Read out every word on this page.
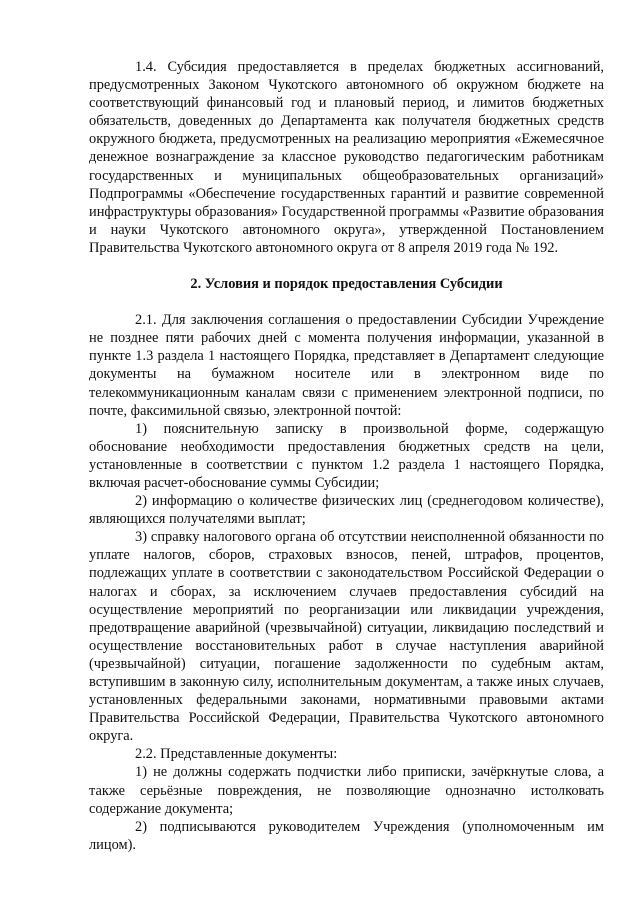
1.4. Субсидия предоставляется в пределах бюджетных ассигнований, предусмотренных Законом Чукотского автономного об окружном бюджете на соответствующий финансовый год и плановый период, и лимитов бюджетных обязательств, доведенных до Департамента как получателя бюджетных средств окружного бюджета, предусмотренных на реализацию мероприятия «Ежемесячное денежное вознаграждение за классное руководство педагогическим работникам государственных и муниципальных общеобразовательных организаций» Подпрограммы «Обеспечение государственных гарантий и развитие современной инфраструктуры образования» Государственной программы «Развитие образования и науки Чукотского автономного округа», утвержденной Постановлением Правительства Чукотского автономного округа от 8 апреля 2019 года № 192.

2. Условия и порядок предоставления Субсидии

2.1. Для заключения соглашения о предоставлении Субсидии Учреждение не позднее пяти рабочих дней с момента получения информации, указанной в пункте 1.3 раздела 1 настоящего Порядка, представляет в Департамент следующие документы на бумажном носителе или в электронном виде по телекоммуникационным каналам связи с применением электронной подписи, по почте, факсимильной связью, электронной почтой:

1) пояснительную записку в произвольной форме, содержащую обоснование необходимости предоставления бюджетных средств на цели, установленные в соответствии с пунктом 1.2 раздела 1 настоящего Порядка, включая расчет-обоснование суммы Субсидии;

2) информацию о количестве физических лиц (среднегодовом количестве), являющихся получателями выплат;

3) справку налогового органа об отсутствии неисполненной обязанности по уплате налогов, сборов, страховых взносов, пеней, штрафов, процентов, подлежащих уплате в соответствии с законодательством Российской Федерации о налогах и сборах, за исключением случаев предоставления субсидий на осуществление мероприятий по реорганизации или ликвидации учреждения, предотвращение аварийной (чрезвычайной) ситуации, ликвидацию последствий и осуществление восстановительных работ в случае наступления аварийной (чрезвычайной) ситуации, погашение задолженности по судебным актам, вступившим в законную силу, исполнительным документам, а также иных случаев, установленных федеральными законами, нормативными правовыми актами Правительства Российской Федерации, Правительства Чукотского автономного округа.

2.2. Представленные документы:

1) не должны содержать подчистки либо приписки, зачёркнутые слова, а также серьёзные повреждения, не позволяющие однозначно истолковать содержание документа;

2) подписываются руководителем Учреждения (уполномоченным им лицом).
